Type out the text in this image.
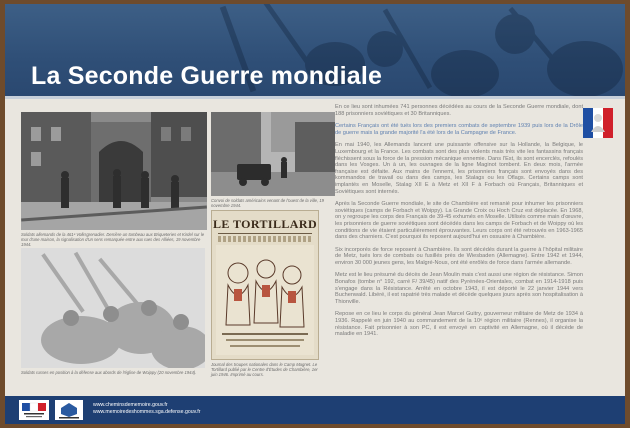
La Seconde Guerre mondiale
Soldats allemands de la 461ᵉ Volksgrenadier. Derrière un tombeau aux Briqueteries et Kirdel sur le mur d'une maison, la signalisation d'un sens remarquée entre aux rues des Alliées, 19 novembre 1944.
Convoi de soldats américains venant de l'ouest de la ville, 19 novembre 1944.
Soldats russes en position à la défense aux abords de l'église de Woippy (20 novembre 1944).
LE TORTILLARD
Journal des troupes nationales dans le Camp Magnet. Le Tortillard publié par le Centre d'Études de Chambière, 1er juin 1946. Imprimé au cours.

En ce lieu sont inhumées 741 personnes décédées au cours de la Seconde Guerre mondiale, dont 188 prisonniers soviétiques et 30 Britanniques.

Certains Français ont été tués lors des premiers combats de septembre 1939 puis lors de la Drôle de guerre mais la grande majorité l'a été lors de la Campagne de France.

En mai 1940, les Allemands lancent une puissante offensive sur la Hollande, la Belgique, le Luxembourg et la France. Les combats sont des plus violents mais très vite les fantassins français fléchissent sous la force de la pression mécanique ennemie. Dans l'Est, ils sont encerclés, refoulés dans les Vosges. Un à un, les ouvrages de la ligne Maginot tombent. En deux mois, l'armée française est défaite. Aux mains de l'ennemi, les prisonniers français sont envoyés dans des kommandos de travail ou dans des camps, les Stalags ou les Oflags. Certains camps sont implantés en Moselle, Stalag XII E à Metz et XII F à Forbach où Français, Britanniques et Soviétiques sont internés.

Après la Seconde Guerre mondiale, le site de Chambière est remanié pour inhumer les prisonniers soviétiques (camps de Forbach et Woippy). La Grande Croix ou Hoch Cruz est déplacée. En 1968, on y regroupe les corps des Français de 39-45 exhumés en Moselle. Utilisés comme main d'œuvre, les prisonniers de guerre soviétiques sont décédés dans les camps de Forbach et de Woippy où les conditions de vie étaient particulièrement éprouvantes. Leurs corps ont été retrouvés en 1963-1965 dans des charniers. C'est pourquoi ils reposent aujourd'hui en ossuaire à Chambière.

Six incorporés de force reposent à Chambière. Ils sont décédés durant la guerre à l'hôpital militaire de Metz, tués lors de combats ou fusillés près de Wiesbaden (Allemagne). Entre 1942 et 1944, environ 30 000 jeunes gens, les Malgré-Nous, ont été enrôlés de force dans l'armée allemande.

Metz est le lieu présumé du décès de Jean Moulin mais c'est aussi une région de résistance. Simon Bonafos (tombe n° 192, carré F/ 39/45) natif des Pyrénées-Orientales, combat en 1914-1918 puis s'engage dans la Résistance. Arrêté en octobre 1943, il est déporté le 22 janvier 1944 vers Buchenwald. Libéré, il est rapatrié très malade et décède quelques jours après son hospitalisation à Thionville.

Repose en ce lieu le corps du général Jean Marcel Guitry, gouverneur militaire de Metz de 1934 à 1936. Rappelé en juin 1940 au commandement de la 10ᵉ région militaire (Rennes), il organise la résistance. Fait prisonnier à son PC, il est envoyé en captivité en Allemagne, où il décède de maladie en 1941.

www.cheminsdememoire.gouv.fr
www.memoiredeshommes.sga.defense.gouv.fr
